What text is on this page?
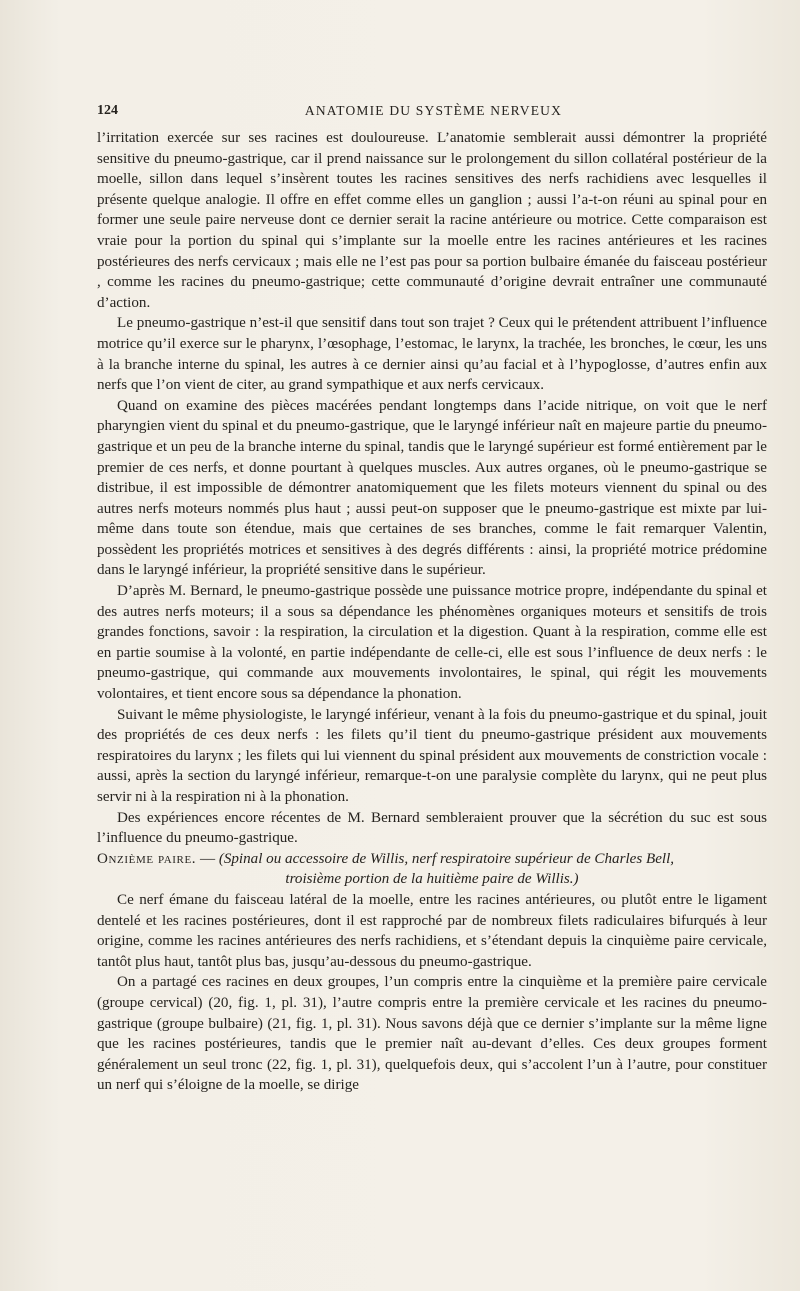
124	ANATOMIE DU SYSTÈME NERVEUX

l’irritation exercée sur ses racines est douloureuse. L’anatomie semblerait aussi démontrer la propriété sensitive du pneumo-gastrique, car il prend naissance sur le prolongement du sillon collatéral postérieur de la moelle, sillon dans lequel s’insèrent toutes les racines sensitives des nerfs rachidiens avec lesquelles il présente quelque analogie. Il offre en effet comme elles un ganglion ; aussi l’a-t-on réuni au spinal pour en former une seule paire nerveuse dont ce dernier serait la racine antérieure ou motrice. Cette comparaison est vraie pour la portion du spinal qui s’implante sur la moelle entre les racines antérieures et les racines postérieures des nerfs cervicaux ; mais elle ne l’est pas pour sa portion bulbaire émanée du faisceau postérieur , comme les racines du pneumo-gastrique; cette communauté d’origine devrait entraîner une communauté d’action.

Le pneumo-gastrique n’est-il que sensitif dans tout son trajet ? Ceux qui le prétendent attribuent l’influence motrice qu’il exerce sur le pharynx, l’œsophage, l’estomac, le larynx, la trachée, les bronches, le cœur, les uns à la branche interne du spinal, les autres à ce dernier ainsi qu’au facial et à l’hypoglosse, d’autres enfin aux nerfs que l’on vient de citer, au grand sympathique et aux nerfs cervicaux.

Quand on examine des pièces macérées pendant longtemps dans l’acide nitrique, on voit que le nerf pharyngien vient du spinal et du pneumo-gastrique, que le laryngé inférieur naît en majeure partie du pneumo-gastrique et un peu de la branche interne du spinal, tandis que le laryngé supérieur est formé entièrement par le premier de ces nerfs, et donne pourtant à quelques muscles. Aux autres organes, où le pneumo-gastrique se distribue, il est impossible de démontrer anatomiquement que les filets moteurs viennent du spinal ou des autres nerfs moteurs nommés plus haut ; aussi peut-on supposer que le pneumo-gastrique est mixte par lui-même dans toute son étendue, mais que certaines de ses branches, comme le fait remarquer Valentin, possèdent les propriétés motrices et sensitives à des degrés différents : ainsi, la propriété motrice prédomine dans le laryngé inférieur, la propriété sensitive dans le supérieur.

D’après M. Bernard, le pneumo-gastrique possède une puissance motrice propre, indépendante du spinal et des autres nerfs moteurs; il a sous sa dépendance les phénomènes organiques moteurs et sensitifs de trois grandes fonctions, savoir : la respiration, la circulation et la digestion. Quant à la respiration, comme elle est en partie soumise à la volonté, en partie indépendante de celle-ci, elle est sous l’influence de deux nerfs : le pneumo-gastrique, qui commande aux mouvements involontaires, le spinal, qui régit les mouvements volontaires, et tient encore sous sa dépendance la phonation.

Suivant le même physiologiste, le laryngé inférieur, venant à la fois du pneumo-gastrique et du spinal, jouit des propriétés de ces deux nerfs : les filets qu’il tient du pneumo-gastrique président aux mouvements respiratoires du larynx ; les filets qui lui viennent du spinal président aux mouvements de constriction vocale : aussi, après la section du laryngé inférieur, remarque-t-on une paralysie complète du larynx, qui ne peut plus servir ni à la respiration ni à la phonation.

Des expériences encore récentes de M. Bernard sembleraient prouver que la sécrétion du suc est sous l’influence du pneumo-gastrique.

Onzième paire. — (Spinal ou accessoire de Willis, nerf respiratoire supérieur de Charles Bell,

troisième portion de la huitième paire de Willis.)

Ce nerf émane du faisceau latéral de la moelle, entre les racines antérieures, ou plutôt entre le ligament dentelé et les racines postérieures, dont il est rapproché par de nombreux filets radiculaires bifurqués à leur origine, comme les racines antérieures des nerfs rachidiens, et s’étendant depuis la cinquième paire cervicale, tantôt plus haut, tantôt plus bas, jusqu’au-dessous du pneumo-gastrique.

On a partagé ces racines en deux groupes, l’un compris entre la cinquième et la première paire cervicale (groupe cervical) (20, fig. 1, pl. 31), l’autre compris entre la première cervicale et les racines du pneumo-gastrique (groupe bulbaire) (21, fig. 1, pl. 31). Nous savons déjà que ce dernier s’implante sur la même ligne que les racines postérieures, tandis que le premier naît au-devant d’elles. Ces deux groupes forment généralement un seul tronc (22, fig. 1, pl. 31), quelquefois deux, qui s’accolent l’un à l’autre, pour constituer un nerf qui s’éloigne de la moelle, se dirige
